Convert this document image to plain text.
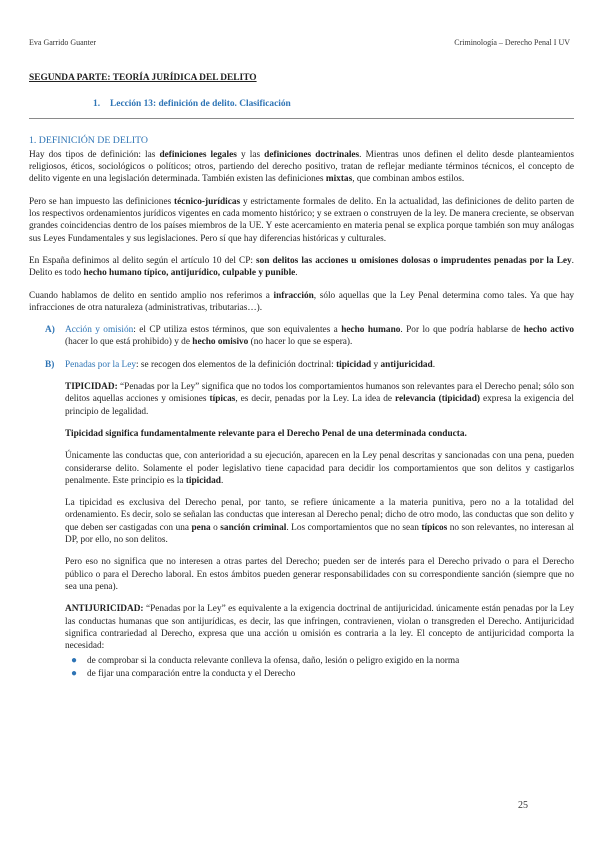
Eva Garrido Guanter	Criminología – Derecho Penal I UV
SEGUNDA PARTE: TEORÍA JURÍDICA DEL DELITO
1. Lección 13: definición de delito. Clasificación
1. DEFINICIÓN DE DELITO

Hay dos tipos de definición: las definiciones legales y las definiciones doctrinales. Mientras unos definen el delito desde planteamientos religiosos, éticos, sociológicos o políticos; otros, partiendo del derecho positivo, tratan de reflejar mediante términos técnicos, el concepto de delito vigente en una legislación determinada. También existen las definiciones mixtas, que combinan ambos estilos.

Pero se han impuesto las definiciones técnico-jurídicas y estrictamente formales de delito. En la actualidad, las definiciones de delito parten de los respectivos ordenamientos jurídicos vigentes en cada momento histórico; y se extraen o construyen de la ley. De manera creciente, se observan grandes coincidencias dentro de los países miembros de la UE. Y este acercamiento en materia penal se explica porque también son muy análogas sus Leyes Fundamentales y sus legislaciones. Pero sí que hay diferencias históricas y culturales.

En España definimos al delito según el artículo 10 del CP: son delitos las acciones u omisiones dolosas o imprudentes penadas por la Ley. Delito es todo hecho humano típico, antijurídico, culpable y punible.

Cuando hablamos de delito en sentido amplio nos referimos a infracción, sólo aquellas que la Ley Penal determina como tales. Ya que hay infracciones de otra naturaleza (administrativas, tributarias…).

A)	Acción y omisión: el CP utiliza estos términos, que son equivalentes a hecho humano. Por lo que podría hablarse de hecho activo (hacer lo que está prohibido) y de hecho omisivo (no hacer lo que se espera).

B)	Penadas por la Ley: se recogen dos elementos de la definición doctrinal: tipicidad y antijuricidad.

TIPICIDAD: “Penadas por la Ley” significa que no todos los comportamientos humanos son relevantes para el Derecho penal; sólo son delitos aquellas acciones y omisiones típicas, es decir, penadas por la Ley. La idea de relevancia (tipicidad) expresa la exigencia del principio de legalidad.

Tipicidad significa fundamentalmente relevante para el Derecho Penal de una determinada conducta.

Únicamente las conductas que, con anterioridad a su ejecución, aparecen en la Ley penal descritas y sancionadas con una pena, pueden considerarse delito. Solamente el poder legislativo tiene capacidad para decidir los comportamientos que son delitos y castigarlos penalmente. Este principio es la tipicidad.

La tipicidad es exclusiva del Derecho penal, por tanto, se refiere únicamente a la materia punitiva, pero no a la totalidad del ordenamiento. Es decir, solo se señalan las conductas que interesan al Derecho penal; dicho de otro modo, las conductas que son delito y que deben ser castigadas con una pena o sanción criminal. Los comportamientos que no sean típicos no son relevantes, no interesan al DP, por ello, no son delitos.

Pero eso no significa que no interesen a otras partes del Derecho; pueden ser de interés para el Derecho privado o para el Derecho público o para el Derecho laboral. En estos ámbitos pueden generar responsabilidades con su correspondiente sanción (siempre que no sea una pena).

ANTIJURICIDAD: “Penadas por la Ley” es equivalente a la exigencia doctrinal de antijuricidad. únicamente están penadas por la Ley las conductas humanas que son antijurídicas, es decir, las que infringen, contravienen, violan o transgreden el Derecho. Antijuricidad significa contrariedad al Derecho, expresa que una acción u omisión es contraria a la ley. El concepto de antijuricidad comporta la necesidad:

● de comprobar si la conducta relevante conlleva la ofensa, daño, lesión o peligro exigido en la norma
● de fijar una comparación entre la conducta y el Derecho
25
